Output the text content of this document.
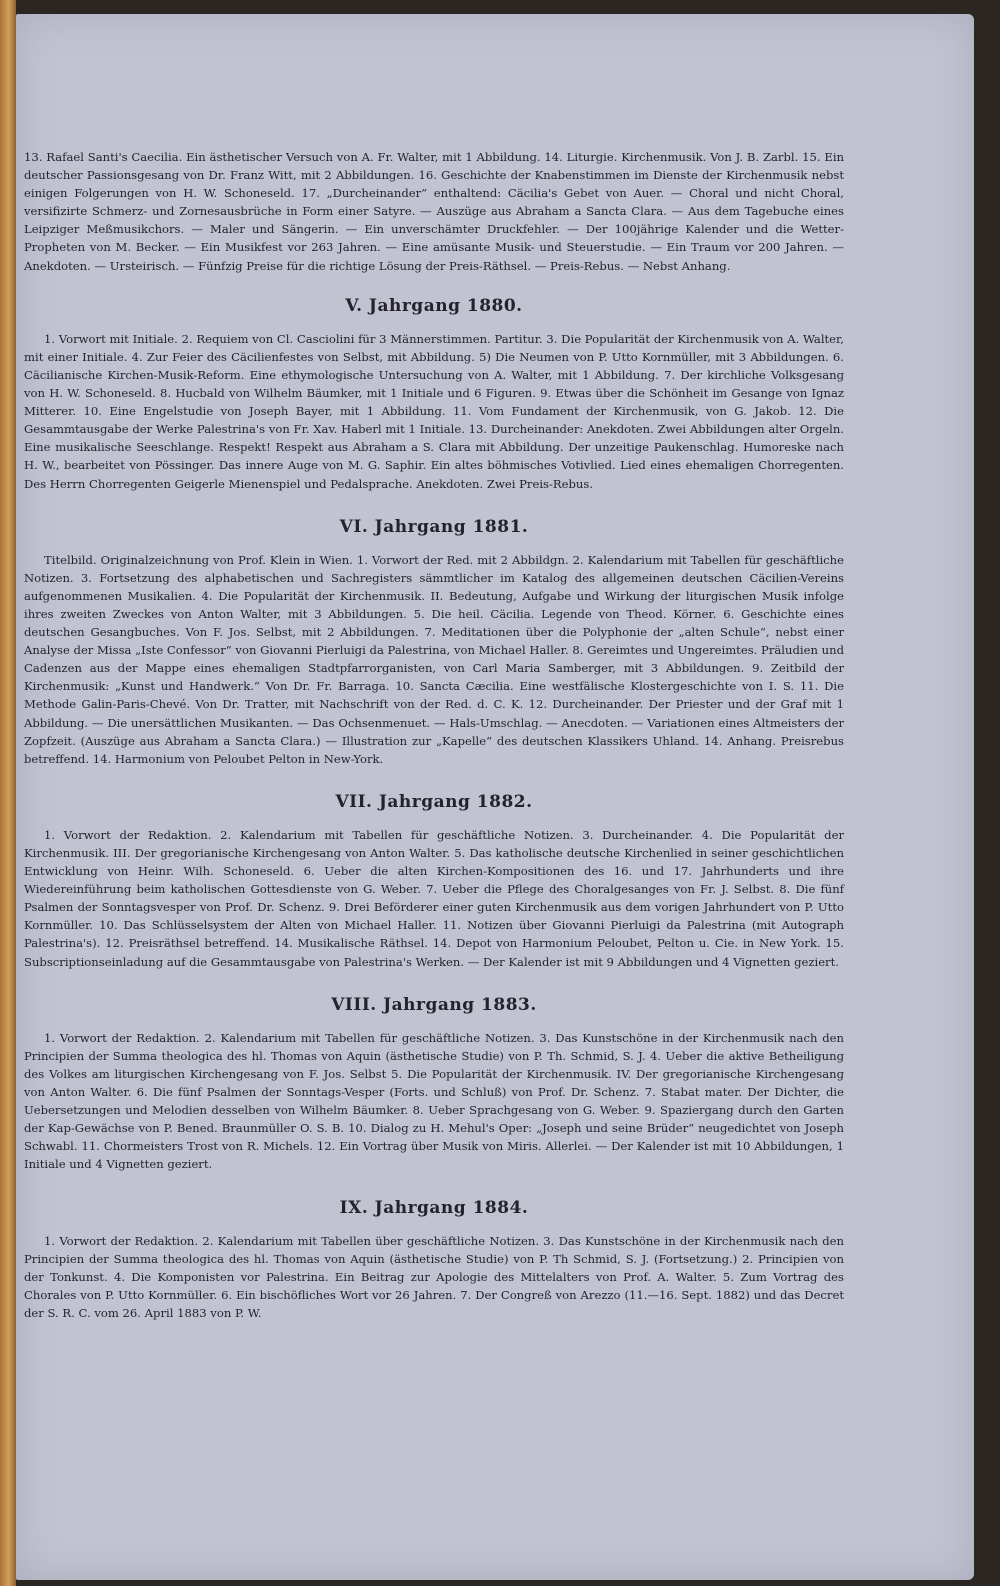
13. Rafael Santi's Caecilia. Ein ästhetischer Versuch von A. Fr. Walter, mit 1 Abbildung. 14. Liturgie. Kirchenmusik. Von J. B. Zarbl. 15. Ein deutscher Passionsgesang von Dr. Franz Witt, mit 2 Abbildungen. 16. Geschichte der Knabenstimmen im Dienste der Kirchenmusik nebst einigen Folgerungen von H. W. Schoneseld. 17. „Durcheinander“ enthaltend: Cäcilia's Gebet von Auer. — Choral und nicht Choral, versifizirte Schmerz- und Zornesausbrüche in Form einer Satyre. — Auszüge aus Abraham a Sancta Clara. — Aus dem Tagebuche eines Leipziger Meßmusikchors. — Maler und Sängerin. — Ein unverschämter Druckfehler. — Der 100jährige Kalender und die Wetter-Propheten von M. Becker. — Ein Musikfest vor 263 Jahren. — Eine amüsante Musik- und Steuerstudie. — Ein Traum vor 200 Jahren. — Anekdoten. — Ursteirisch. — Fünfzig Preise für die richtige Lösung der Preis-Räthsel. — Preis-Rebus. — Nebst Anhang.

V. Jahrgang 1880.

1. Vorwort mit Initiale. 2. Requiem von Cl. Casciolini für 3 Männerstimmen. Partitur. 3. Die Popularität der Kirchenmusik von A. Walter, mit einer Initiale. 4. Zur Feier des Cäcilienfestes von Selbst, mit Abbildung. 5) Die Neumen von P. Utto Kornmüller, mit 3 Abbildungen. 6. Cäcilianische Kirchen-Musik-Reform. Eine ethymologische Untersuchung von A. Walter, mit 1 Abbildung. 7. Der kirchliche Volksgesang von H. W. Schoneseld. 8. Hucbald von Wilhelm Bäumker, mit 1 Initiale und 6 Figuren. 9. Etwas über die Schönheit im Gesange von Ignaz Mitterer. 10. Eine Engelstudie von Joseph Bayer, mit 1 Abbildung. 11. Vom Fundament der Kirchenmusik, von G. Jakob. 12. Die Gesammtausgabe der Werke Palestrina's von Fr. Xav. Haberl mit 1 Initiale. 13. Durcheinander: Anekdoten. Zwei Abbildungen alter Orgeln. Eine musikalische Seeschlange. Respekt! Respekt aus Abraham a S. Clara mit Abbildung. Der unzeitige Paukenschlag. Humoreske nach H. W., bearbeitet von Pössinger. Das innere Auge von M. G. Saphir. Ein altes böhmisches Votivlied. Lied eines ehemaligen Chorregenten. Des Herrn Chorregenten Geigerle Mienenspiel und Pedalsprache. Anekdoten. Zwei Preis-Rebus.

VI. Jahrgang 1881.

Titelbild. Originalzeichnung von Prof. Klein in Wien. 1. Vorwort der Red. mit 2 Abbildgn. 2. Kalendarium mit Tabellen für geschäftliche Notizen. 3. Fortsetzung des alphabetischen und Sachregisters sämmtlicher im Katalog des allgemeinen deutschen Cäcilien-Vereins aufgenommenen Musikalien. 4. Die Popularität der Kirchenmusik. II. Bedeutung, Aufgabe und Wirkung der liturgischen Musik infolge ihres zweiten Zweckes von Anton Walter, mit 3 Abbildungen. 5. Die heil. Cäcilia. Legende von Theod. Körner. 6. Geschichte eines deutschen Gesangbuches. Von F. Jos. Selbst, mit 2 Abbildungen. 7. Meditationen über die Polyphonie der „alten Schule“, nebst einer Analyse der Missa „Iste Confessor“ von Giovanni Pierluigi da Palestrina, von Michael Haller. 8. Gereimtes und Ungereimtes. Präludien und Cadenzen aus der Mappe eines ehemaligen Stadtpfarrorganisten, von Carl Maria Samberger, mit 3 Abbildungen. 9. Zeitbild der Kirchenmusik: „Kunst und Handwerk.“ Von Dr. Fr. Barraga. 10. Sancta Cæcilia. Eine westfälische Klostergeschichte von I. S. 11. Die Methode Galin-Paris-Chevé. Von Dr. Tratter, mit Nachschrift von der Red. d. C. K. 12. Durcheinander. Der Priester und der Graf mit 1 Abbildung. — Die unersättlichen Musikanten. — Das Ochsenmenuet. — Hals-Umschlag. — Anecdoten. — Variationen eines Altmeisters der Zopfzeit. (Auszüge aus Abraham a Sancta Clara.) — Illustration zur „Kapelle“ des deutschen Klassikers Uhland. 14. Anhang. Preisrebus betreffend. 14. Harmonium von Peloubet Pelton in New-York.

VII. Jahrgang 1882.

1. Vorwort der Redaktion. 2. Kalendarium mit Tabellen für geschäftliche Notizen. 3. Durcheinander. 4. Die Popularität der Kirchenmusik. III. Der gregorianische Kirchengesang von Anton Walter. 5. Das katholische deutsche Kirchenlied in seiner geschichtlichen Entwicklung von Heinr. Wilh. Schoneseld. 6. Ueber die alten Kirchen-Kompositionen des 16. und 17. Jahrhunderts und ihre Wiedereinführung beim katholischen Gottesdienste von G. Weber. 7. Ueber die Pflege des Choralgesanges von Fr. J. Selbst. 8. Die fünf Psalmen der Sonntagsvesper von Prof. Dr. Schenz. 9. Drei Beförderer einer guten Kirchenmusik aus dem vorigen Jahrhundert von P. Utto Kornmüller. 10. Das Schlüsselsystem der Alten von Michael Haller. 11. Notizen über Giovanni Pierluigi da Palestrina (mit Autograph Palestrina's). 12. Preisräthsel betreffend. 14. Musikalische Räthsel. 14. Depot von Harmonium Peloubet, Pelton u. Cie. in New York. 15. Subscriptionseinladung auf die Gesammtausgabe von Palestrina's Werken. — Der Kalender ist mit 9 Abbildungen und 4 Vignetten geziert.

VIII. Jahrgang 1883.

1. Vorwort der Redaktion. 2. Kalendarium mit Tabellen für geschäftliche Notizen. 3. Das Kunstschöne in der Kirchenmusik nach den Principien der Summa theologica des hl. Thomas von Aquin (ästhetische Studie) von P. Th. Schmid, S. J. 4. Ueber die aktive Betheiligung des Volkes am liturgischen Kirchengesang von F. Jos. Selbst 5. Die Popularität der Kirchenmusik. IV. Der gregorianische Kirchengesang von Anton Walter. 6. Die fünf Psalmen der Sonntags-Vesper (Forts. und Schluß) von Prof. Dr. Schenz. 7. Stabat mater. Der Dichter, die Uebersetzungen und Melodien desselben von Wilhelm Bäumker. 8. Ueber Sprachgesang von G. Weber. 9. Spaziergang durch den Garten der Kap-Gewächse von P. Bened. Braunmüller O. S. B. 10. Dialog zu H. Mehul's Oper: „Joseph und seine Brüder“ neugedichtet von Joseph Schwabl. 11. Chormeisters Trost von R. Michels. 12. Ein Vortrag über Musik von Miris. Allerlei. — Der Kalender ist mit 10 Abbildungen, 1 Initiale und 4 Vignetten geziert.

IX. Jahrgang 1884.

1. Vorwort der Redaktion. 2. Kalendarium mit Tabellen über geschäftliche Notizen. 3. Das Kunstschöne in der Kirchenmusik nach den Principien der Summa theologica des hl. Thomas von Aquin (ästhetische Studie) von P. Th Schmid, S. J. (Fortsetzung.) 2. Principien von der Tonkunst. 4. Die Komponisten vor Palestrina. Ein Beitrag zur Apologie des Mittelalters von Prof. A. Walter. 5. Zum Vortrag des Chorales von P. Utto Kornmüller. 6. Ein bischöfliches Wort vor 26 Jahren. 7. Der Congreß von Arezzo (11.—16. Sept. 1882) und das Decret der S. R. C. vom 26. April 1883 von P. W.
